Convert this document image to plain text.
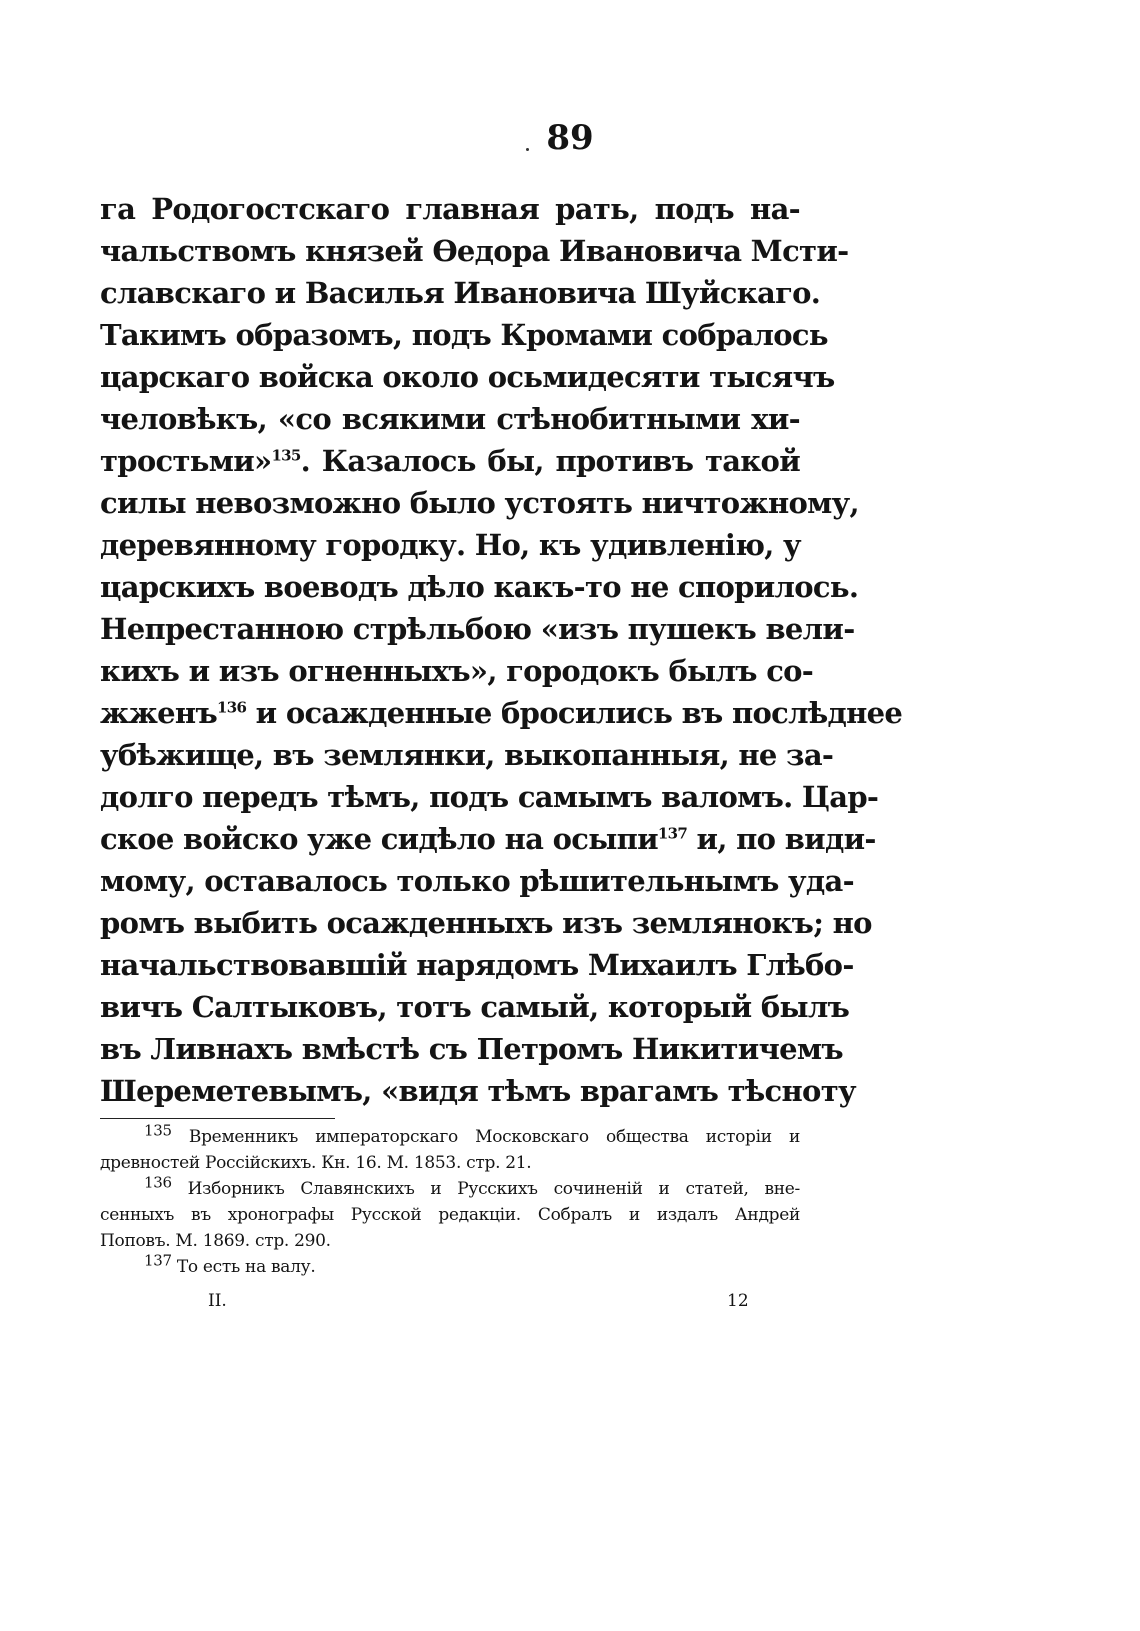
89
га Родогостскаго главная рать, подъ на-
чальствомъ князей Өедора Ивановича Мсти-
славскаго и Василья Ивановича Шуйскаго.
Такимъ образомъ, подъ Кромами собралось
царскаго войска около осьмидесяти тысячъ
человѣкъ, «со всякими стѣнобитными хи-
тростьми»$^{135}$. Казалось бы, противъ такой
силы невозможно было устоять ничтожному,
деревянному городку. Но, къ удивленію, у
царскихъ воеводъ дѣло какъ-то не спорилось.
Непрестанною стрѣльбою «изъ пушекъ вели-
кихъ и изъ огненныхъ», городокъ былъ со-
жженъ$^{136}$ и осажденные бросились въ послѣднее
убѣжище, въ землянки, выкопанныя, не за-
долго передъ тѣмъ, подъ самымъ валомъ. Цар-
ское войско уже сидѣло на осыпи$^{137}$ и, по види-
мому, оставалось только рѣшительнымъ уда-
ромъ выбить осажденныхъ изъ землянокъ; но
начальствовавшій нарядомъ Михаилъ Глѣбо-
вичъ Салтыковъ, тотъ самый, который былъ
въ Ливнахъ вмѣстѣ съ Петромъ Никитичемъ
Шереметевымъ, «видя тѣмъ врагамъ тѣсноту
135 Временникъ императорскаго Московскаго общества исторіи и
древностей Россійскихъ. Кн. 16. М. 1853. стр. 21.
136 Изборникъ Славянскихъ и Русскихъ сочиненій и статей, вне-
сенныхъ въ хронографы Русской редакціи. Собралъ и издалъ Андрей
Поповъ. М. 1869. стр. 290.
137 То есть на валу.
II.	12
